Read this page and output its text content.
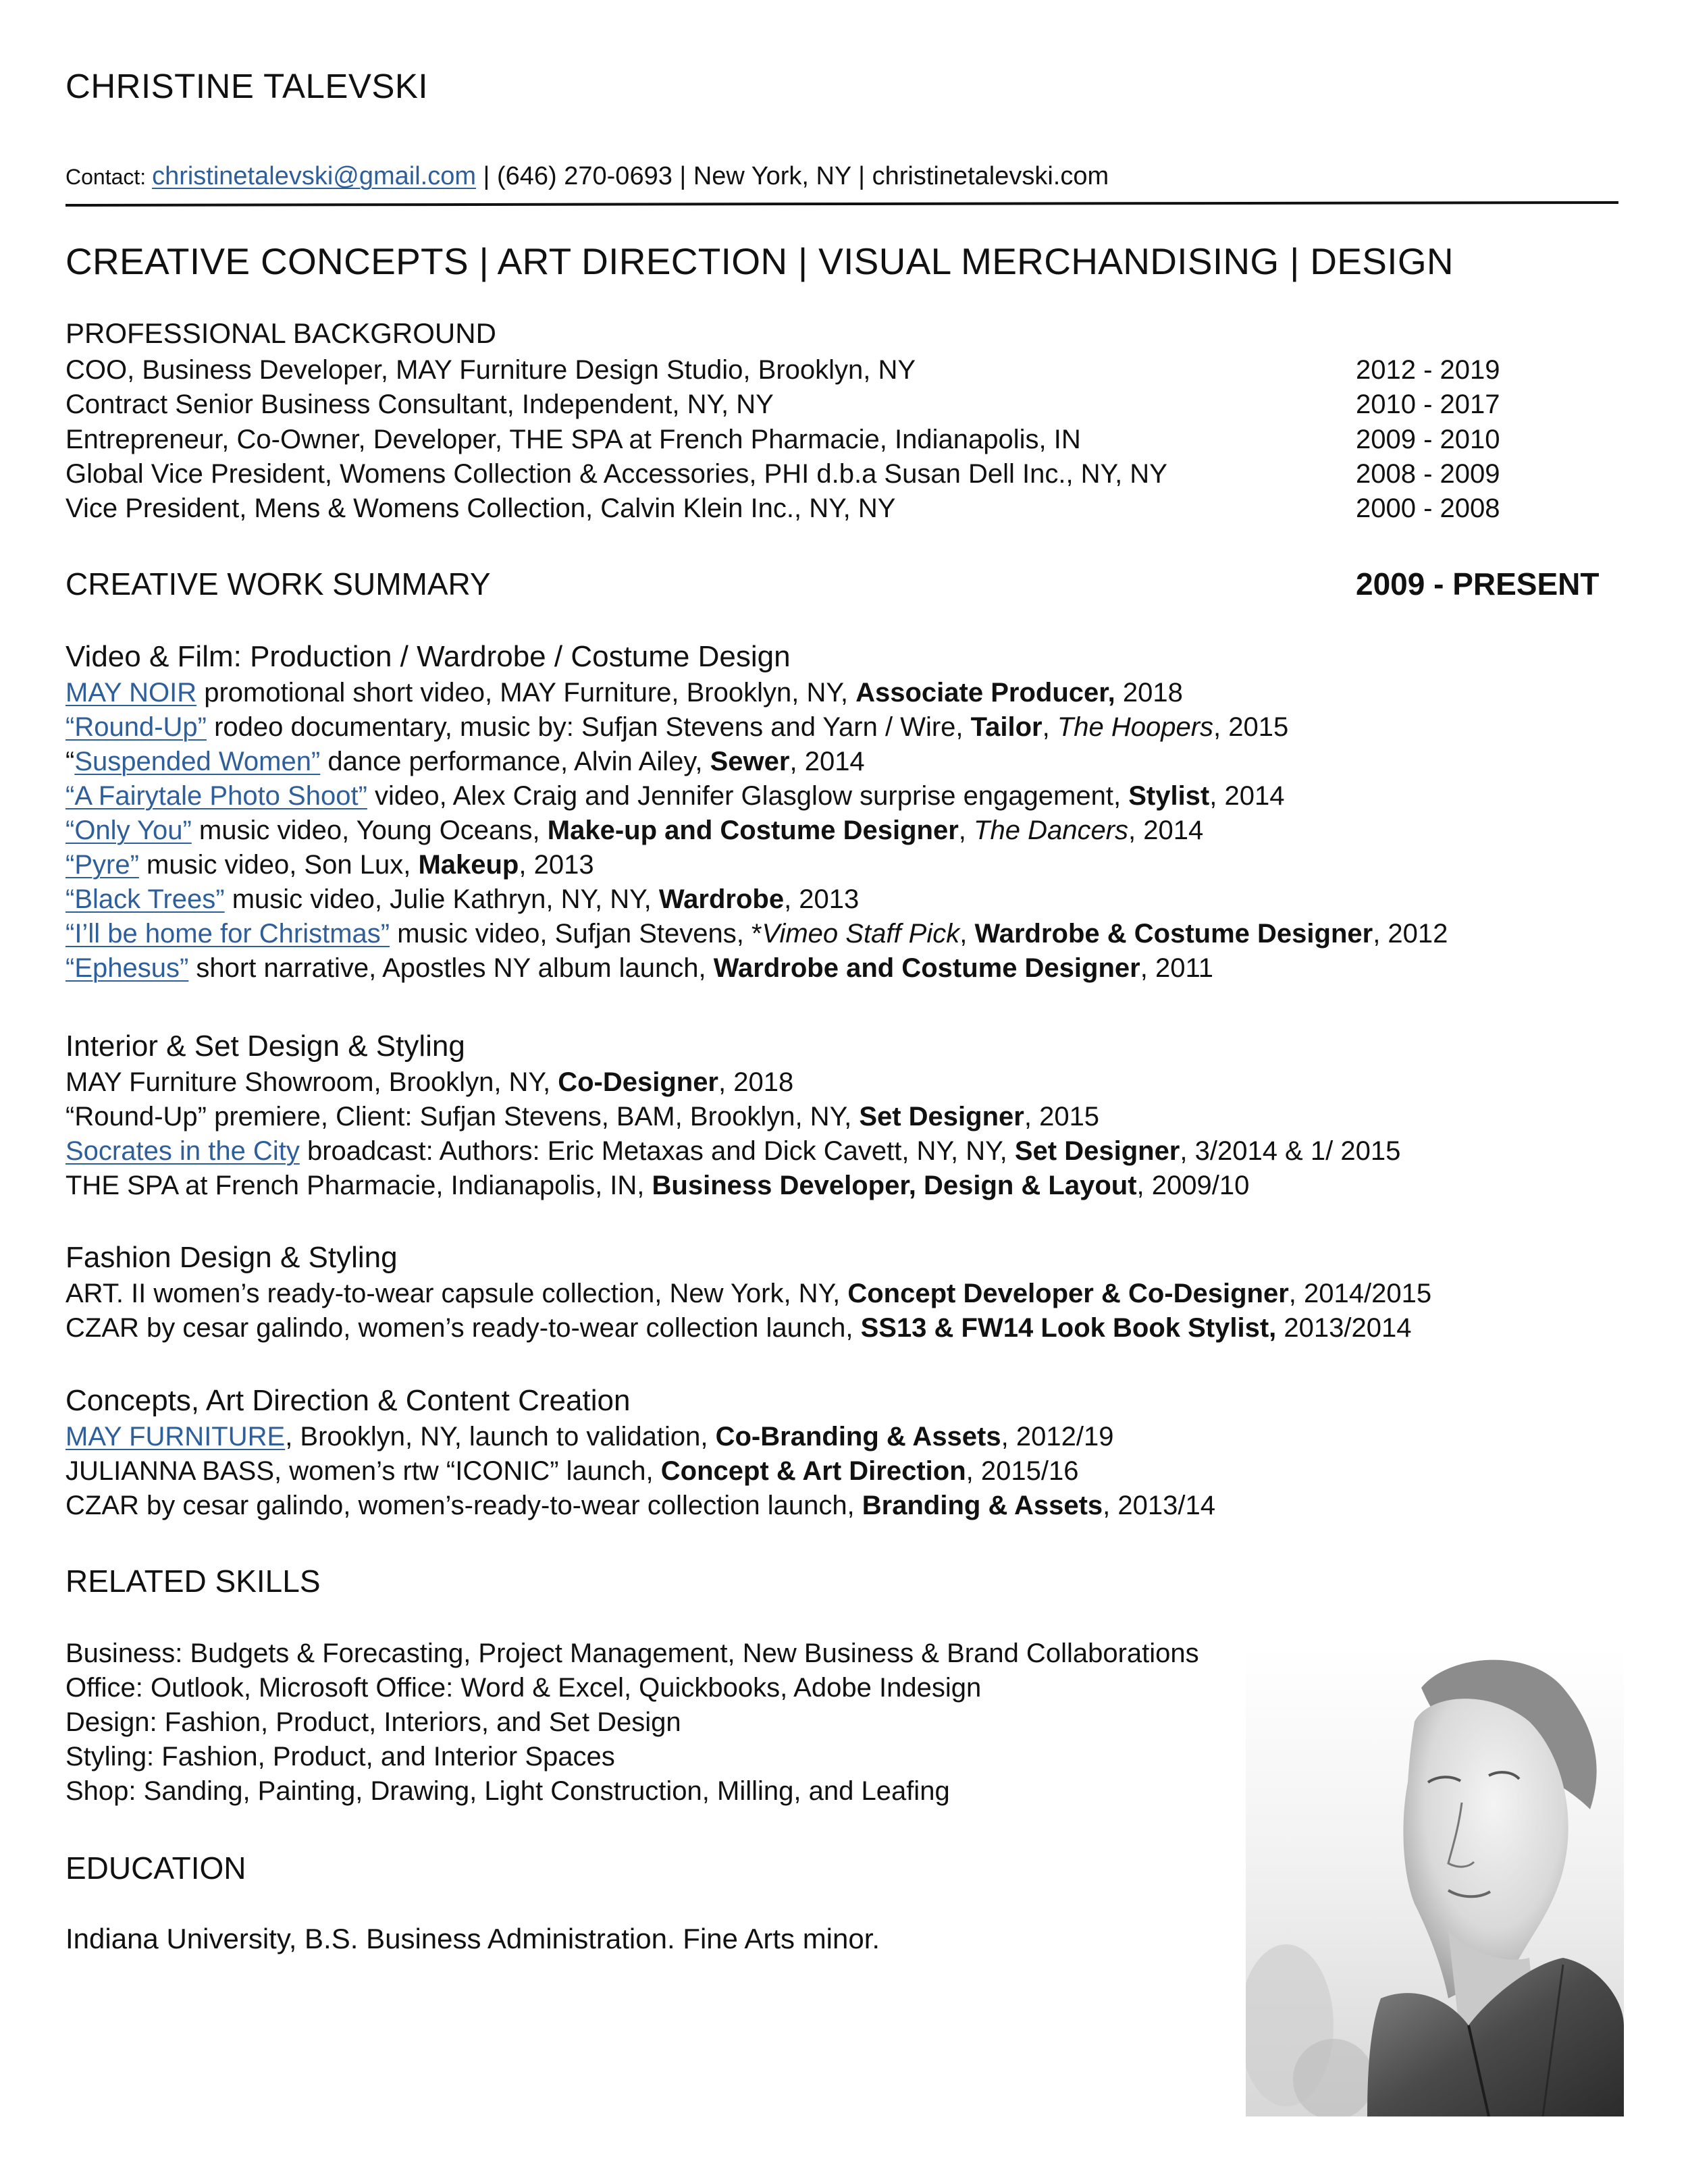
CHRISTINE TALEVSKI
Contact: christinetalevski@gmail.com | (646) 270-0693 | New York, NY | christinetalevski.com
CREATIVE CONCEPTS | ART DIRECTION | VISUAL MERCHANDISING | DESIGN
PROFESSIONAL BACKGROUND
COO, Business Developer, MAY Furniture Design Studio, Brooklyn, NY	2012 - 2019
Contract Senior Business Consultant, Independent, NY, NY	2010 - 2017
Entrepreneur, Co-Owner, Developer, THE SPA at French Pharmacie, Indianapolis, IN	2009 - 2010
Global Vice President, Womens Collection & Accessories, PHI d.b.a Susan Dell Inc., NY, NY	2008 - 2009
Vice President, Mens & Womens Collection, Calvin Klein Inc., NY, NY	2000 - 2008
CREATIVE WORK SUMMARY	2009 - PRESENT
Video & Film: Production / Wardrobe / Costume Design
MAY NOIR promotional short video, MAY Furniture, Brooklyn, NY, Associate Producer, 2018
“Round-Up” rodeo documentary, music by: Sufjan Stevens and Yarn / Wire, Tailor, The Hoopers, 2015
“Suspended Women” dance performance, Alvin Ailey, Sewer, 2014
“A Fairytale Photo Shoot” video, Alex Craig and Jennifer Glasglow surprise engagement, Stylist, 2014
“Only You” music video, Young Oceans, Make-up and Costume Designer, The Dancers, 2014
“Pyre” music video, Son Lux, Makeup, 2013
“Black Trees” music video, Julie Kathryn, NY, NY, Wardrobe, 2013
“I’ll be home for Christmas” music video, Sufjan Stevens, *Vimeo Staff Pick, Wardrobe & Costume Designer, 2012
“Ephesus” short narrative, Apostles NY album launch, Wardrobe and Costume Designer, 2011
Interior & Set Design & Styling
MAY Furniture Showroom, Brooklyn, NY, Co-Designer, 2018
“Round-Up” premiere, Client: Sufjan Stevens, BAM, Brooklyn, NY, Set Designer, 2015
Socrates in the City broadcast: Authors: Eric Metaxas and Dick Cavett, NY, NY, Set Designer, 3/2014 & 1/ 2015
THE SPA at French Pharmacie, Indianapolis, IN, Business Developer, Design & Layout, 2009/10
Fashion Design & Styling
ART. II women’s ready-to-wear capsule collection, New York, NY, Concept Developer & Co-Designer, 2014/2015
CZAR by cesar galindo, women’s ready-to-wear collection launch, SS13 & FW14 Look Book Stylist, 2013/2014
Concepts, Art Direction & Content Creation
MAY FURNITURE, Brooklyn, NY, launch to validation, Co-Branding & Assets, 2012/19
JULIANNA BASS, women’s rtw “ICONIC” launch, Concept & Art Direction, 2015/16
CZAR by cesar galindo, women’s-ready-to-wear collection launch, Branding & Assets, 2013/14
RELATED SKILLS
Business: Budgets & Forecasting, Project Management, New Business & Brand Collaborations
Office: Outlook, Microsoft Office: Word & Excel, Quickbooks, Adobe Indesign
Design: Fashion, Product, Interiors, and Set Design
Styling: Fashion, Product, and Interior Spaces
Shop: Sanding, Painting, Drawing, Light Construction, Milling, and Leafing
EDUCATION
Indiana University, B.S. Business Administration. Fine Arts minor.
